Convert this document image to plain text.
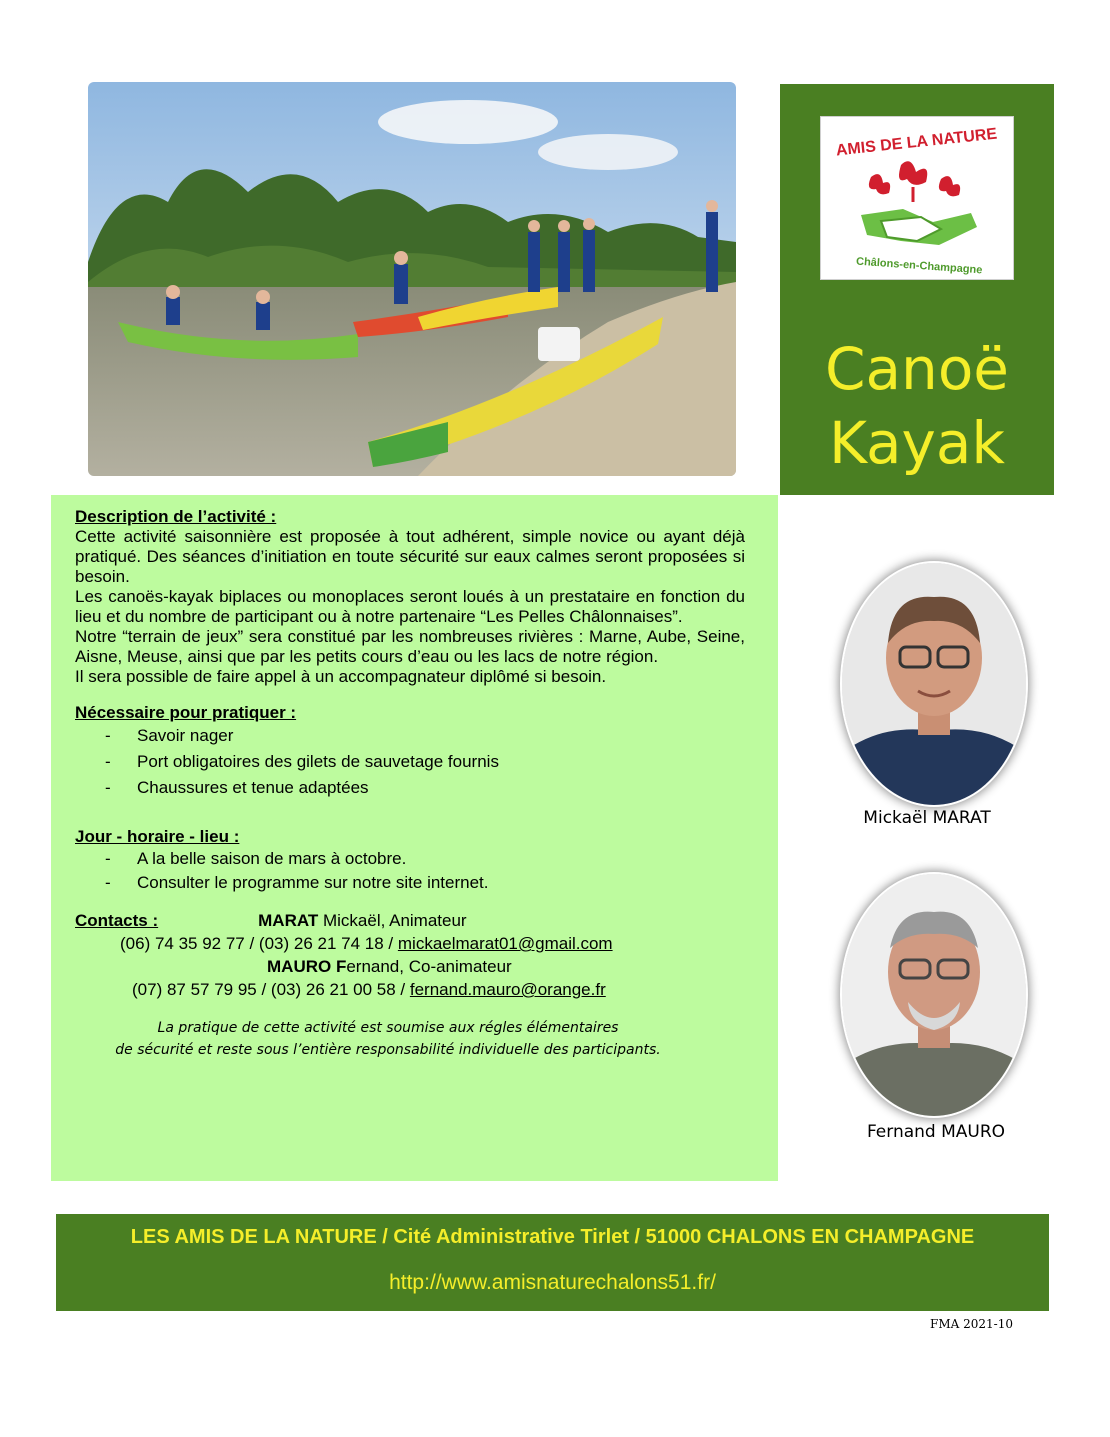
AMIS DE LA NATURE
Châlons-en-Champagne
Canoë
Kayak
Description de l’activité :
Cette activité saisonnière est proposée à tout adhérent, simple novice ou ayant déjà pratiqué. Des séances d’initiation en toute sécurité sur eaux calmes seront proposées si besoin.
Les canoës-kayak biplaces ou monoplaces seront loués à un prestataire en fonction du lieu et du nombre de participant ou à notre partenaire “Les Pelles Châlonnaises”.
Notre “terrain de jeux” sera constitué par les nombreuses rivières : Marne, Aube, Seine, Aisne, Meuse, ainsi que par les petits cours d’eau ou les lacs de notre région.
Il sera possible de faire appel à un accompagnateur diplômé si besoin.
Nécessaire pour pratiquer :
- Savoir nager
- Port obligatoires des gilets de sauvetage fournis
- Chaussures et tenue adaptées
Jour - horaire - lieu :
- A la belle saison de mars à octobre.
- Consulter le programme sur notre site internet.
Contacts :	MARAT Mickaël, Animateur
(06) 74 35 92 77 / (03) 26 21 74 18 / mickaelmarat01@gmail.com
MAURO Fernand, Co-animateur
(07) 87 57 79 95 / (03) 26 21 00 58 / fernand.mauro@orange.fr
La pratique de cette activité est soumise aux régles élémentaires
de sécurité et reste sous l’entière responsabilité individuelle des participants.
Mickaël MARAT
Fernand MAURO
LES AMIS DE LA NATURE / Cité Administrative Tirlet / 51000 CHALONS EN CHAMPAGNE
http://www.amisnaturechalons51.fr/
FMA 2021-10
